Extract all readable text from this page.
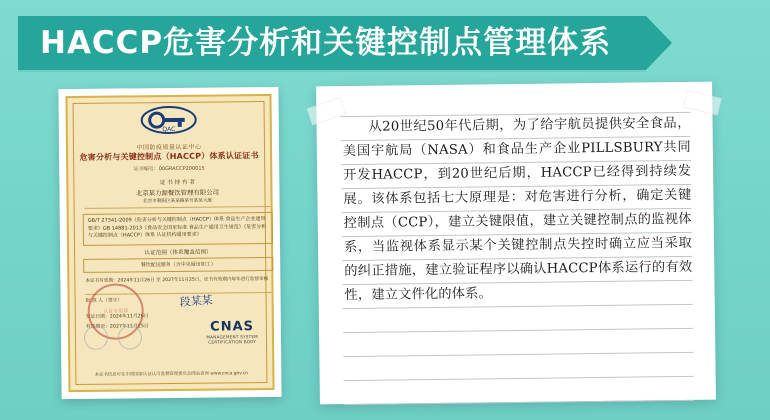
HACCP危害分析和关键控制点管理体系
QAC
中国防疫质量认证中心
危害分析与关键控制点（HACCP）体系认证证书
证书编号：00GRACCP200015
证 书 持 有 者
北京某力源餐饮管理有限公司
北京市朝阳区某某路某号某某大厦
GB/T 27341-2009《危害分析与关键控制点（HACCP）体系 食品生产企业通用要求》GB 14881-2013《食品安全国家标准 食品生产通用卫生规范》《危害分析与关键控制点（HACCP）体系 认证机构通用要求》
认证范围（体系覆盖范围）
餐饮配送服务（含中央厨房加工）
本证书有效期：2024年11月26日 至 2027年11月25日，证书有效期内每年进行监督审核
批 准 人（签字）	段某某
发证日期：2024年11月26日
有效期至：2027年11月25日
认证专用章

CNAS
MANAGEMENT SYSTEM
CERTIFICATION BODY
本证书信息可在中国国家认证认可监督管理委员会网站查询 www.cnca.gov.cn

从20世纪50年代后期，为了给宇航员提供安全食品，美国宇航局（NASA）和食品生产企业PILLSBURY共同开发HACCP，到20世纪后期，HACCP已经得到持续发展。该体系包括七大原理是：对危害进行分析，确定关键控制点（CCP），建立关键限值，建立关键控制点的监视体系，当监视体系显示某个关键控制点失控时确立应当采取的纠正措施，建立验证程序以确认HACCP体系运行的有效性，建立文件化的体系。
